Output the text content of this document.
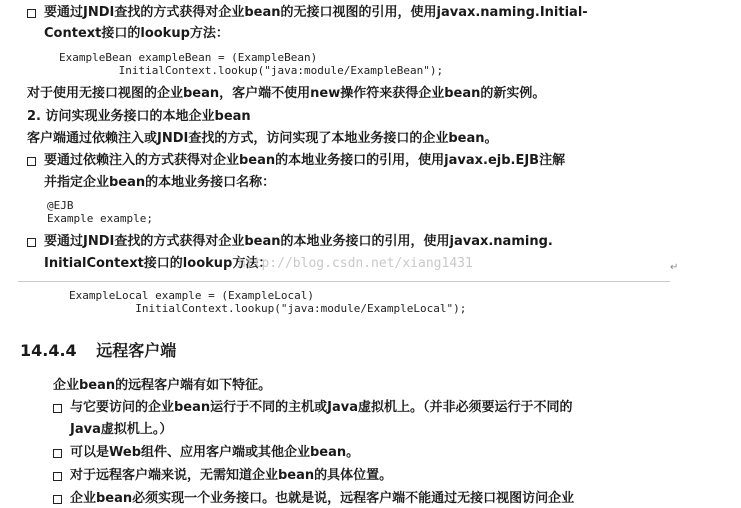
要通过JNDI查找的方式获得对企业bean的无接口视图的引用，使用javax.naming.Initial-
Context接口的lookup方法：
ExampleBean exampleBean = (ExampleBean)
InitialContext.lookup("java:module/ExampleBean");
对于使用无接口视图的企业bean，客户端不使用new操作符来获得企业bean的新实例。
2. 访问实现业务接口的本地企业bean
客户端通过依赖注入或JNDI查找的方式，访问实现了本地业务接口的企业bean。
要通过依赖注入的方式获得对企业bean的本地业务接口的引用，使用javax.ejb.EJB注解
并指定企业bean的本地业务接口名称：
@EJB
Example example;
要通过JNDI查找的方式获得对企业bean的本地业务接口的引用，使用javax.naming.
InitialContext接口的lookup方法：
http://blog.csdn.net/xiang1431	↵
ExampleLocal example = (ExampleLocal)
InitialContext.lookup("java:module/ExampleLocal");
14.4.4 远程客户端
企业bean的远程客户端有如下特征。
与它要访问的企业bean运行于不同的主机或Java虚拟机上。（并非必须要运行于不同的
Java虚拟机上。）
可以是Web组件、应用客户端或其他企业bean。
对于远程客户端来说，无需知道企业bean的具体位置。
企业bean必须实现一个业务接口。也就是说，远程客户端不能通过无接口视图访问企业
